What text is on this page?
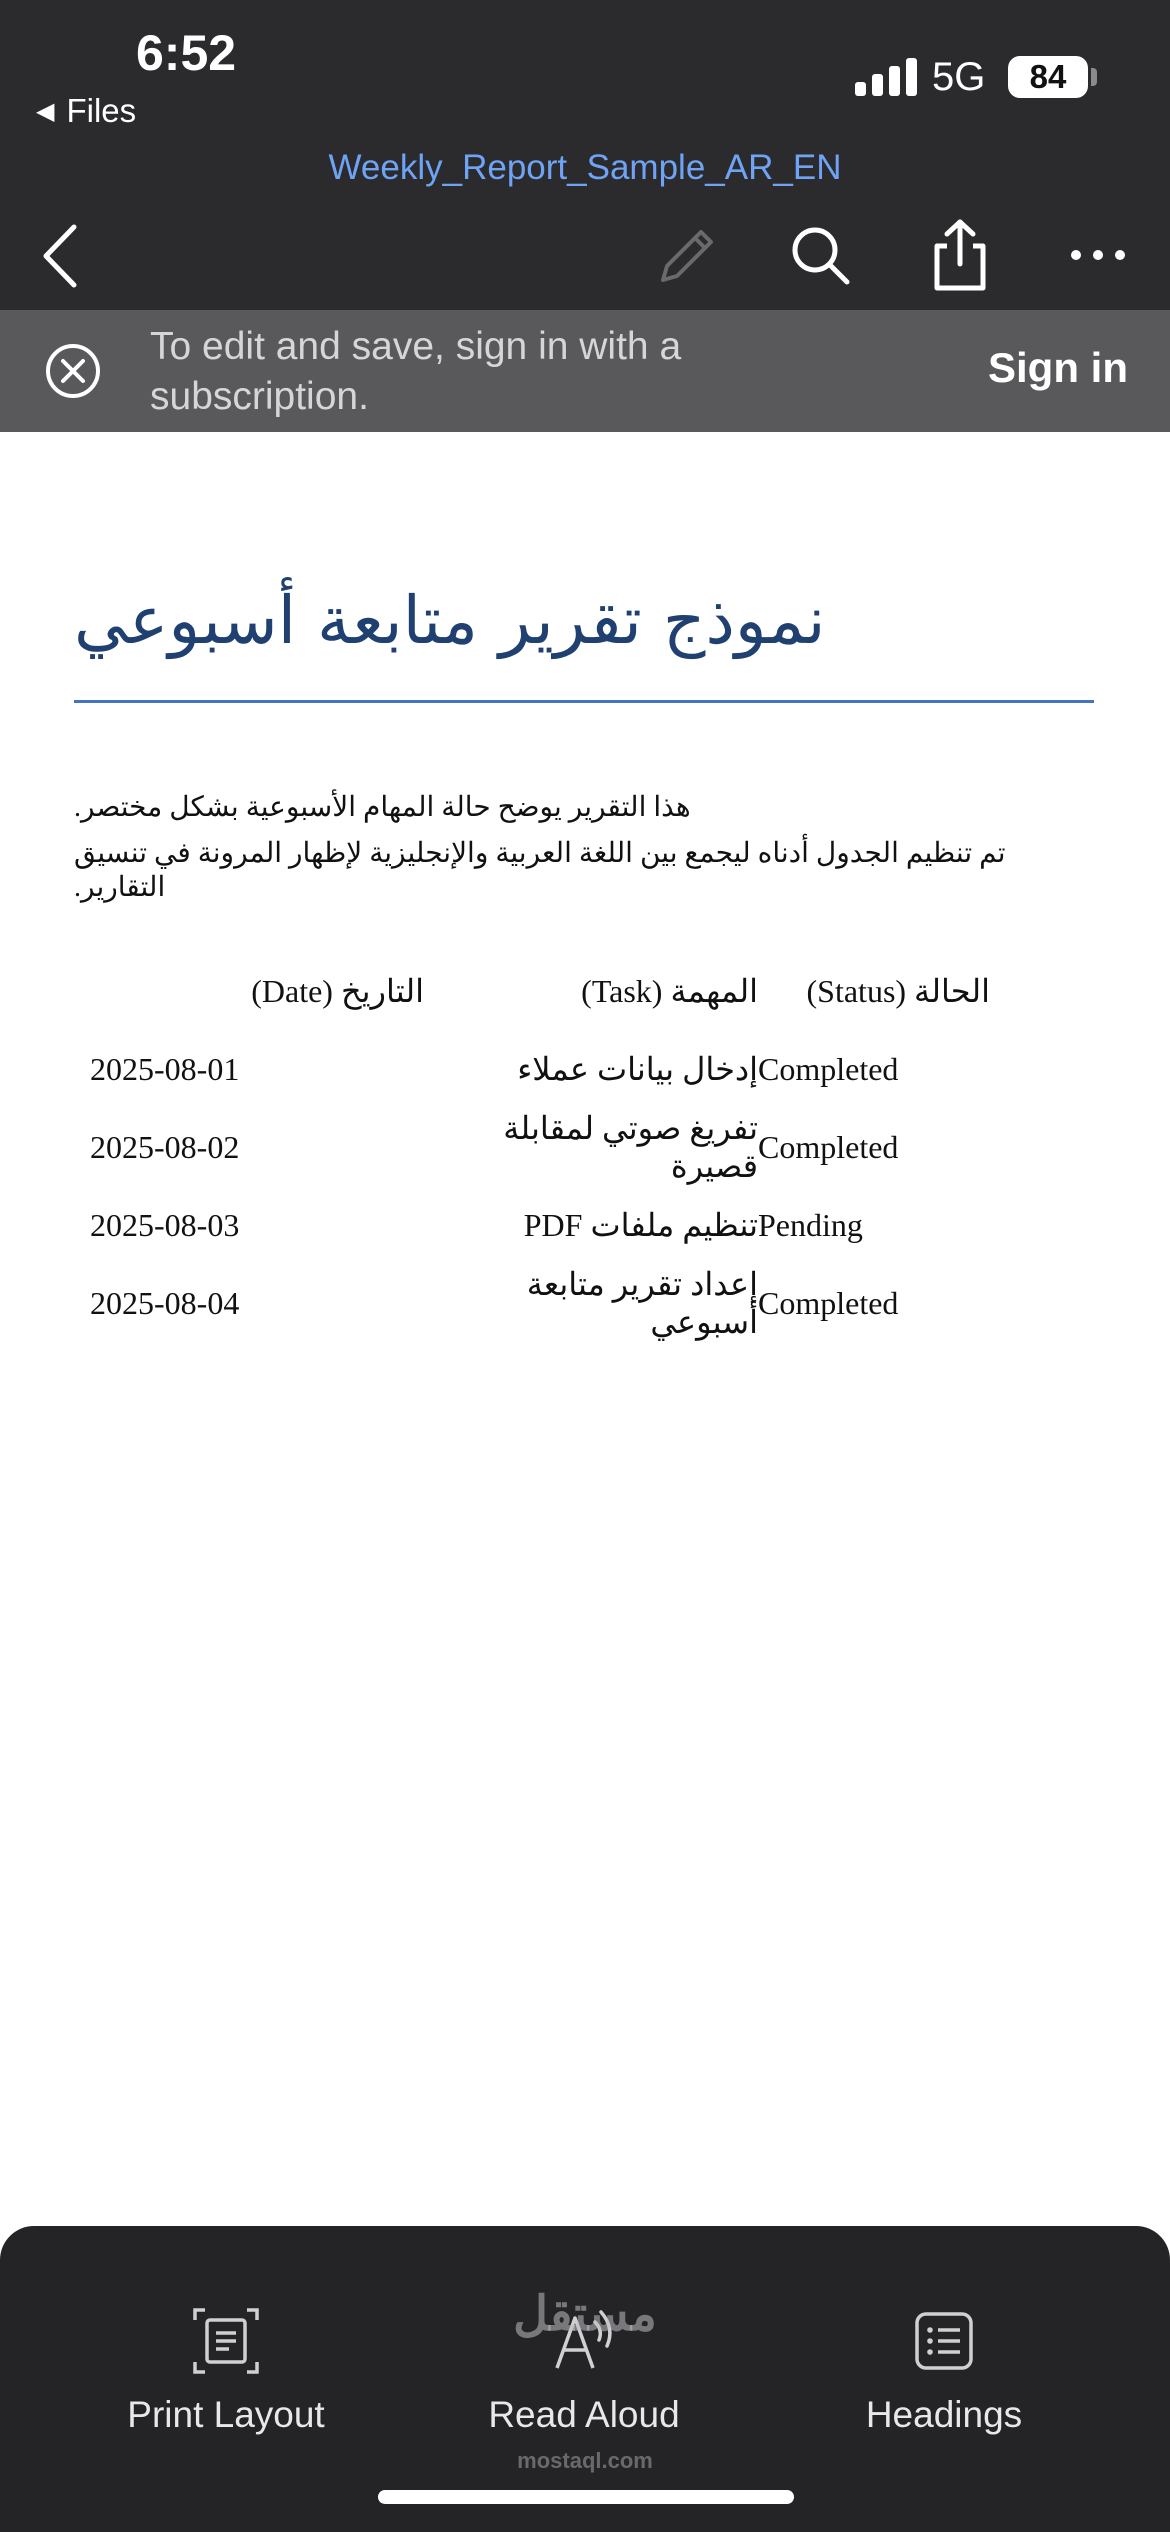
6:52
◀ Files
5G 84
Weekly_Report_Sample_AR_EN
To edit and save, sign in with a subscription.
Sign in
نموذج تقرير متابعة أسبوعي
هذا التقرير يوضح حالة المهام الأسبوعية بشكل مختصر.
تم تنظيم الجدول أدناه ليجمع بين اللغة العربية والإنجليزية لإظهار المرونة في تنسيق التقارير.
التاريخ (Date)	المهمة (Task)	الحالة (Status)
2025-08-01	إدخال بيانات عملاء	Completed
2025-08-02	تفريغ صوتي لمقابلة قصيرة	Completed
2025-08-03	تنظيم ملفات PDF	Pending
2025-08-04	إعداد تقرير متابعة أسبوعي	Completed
Print Layout	Read Aloud	Headings
مستقل
mostaql.com
